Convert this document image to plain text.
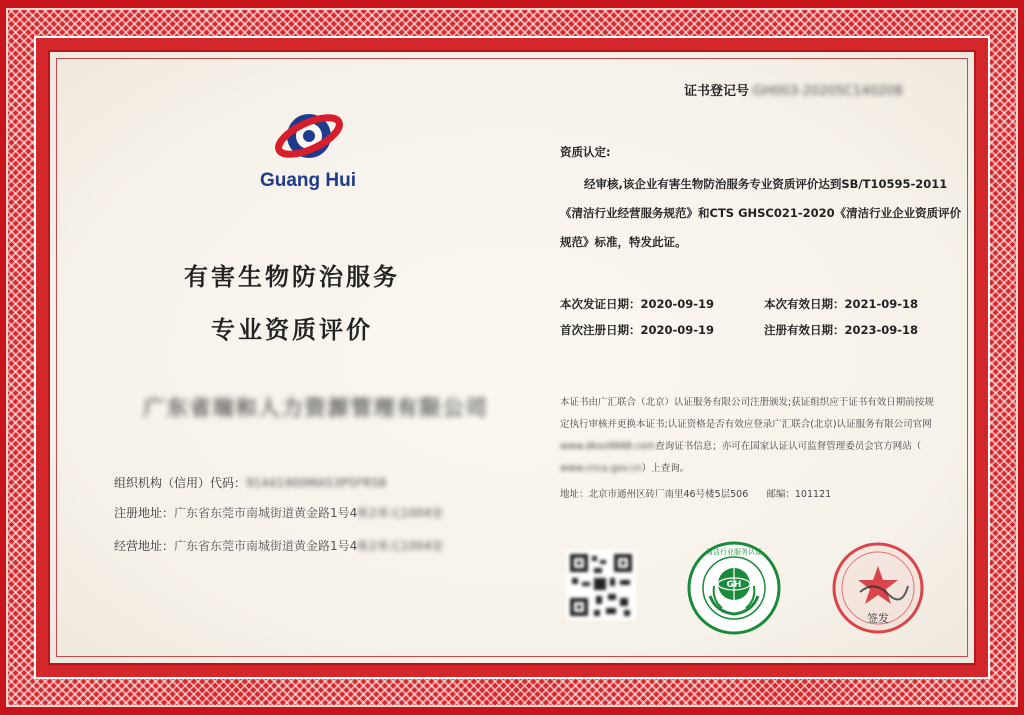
Guang Hui
有害生物防治服务
专业资质评价
广东省瑞和人力资源管理有限公司
组织机构（信用）代码：91441900MA53P5FR58
注册地址：广东省东莞市南城街道黄金路1号4栋2单元1004室
经营地址：广东省东莞市南城街道黄金路1号4栋2单元1004室
证书登记号:GH003-2020SC140208
资质认定:
经审核,该企业有害生物防治服务专业资质评价达到SB/T10595-2011《清洁行业经营服务规范》和CTS GHSC021-2020《清洁行业企业资质评价规范》标准，特发此证。
本次发证日期：2020-09-19	本次有效日期：2021-09-18
首次注册日期：2020-09-19	注册有效日期：2023-09-18
本证书由广汇联合（北京）认证服务有限公司注册颁发;获证组织应于证书有效日期前按规
定执行审核并更换本证书;认证资格是否有效应登录广汇联合(北京)认证服务有限公司官网
www.dkso9888.com查询证书信息；亦可在国家认证认可监督管理委员会官方网站（
www.cnca.gov.cn）上查询。
地址：北京市通州区砖厂南里46号楼5层506 邮编：101121
清洁行业服务认证
GH
签发
